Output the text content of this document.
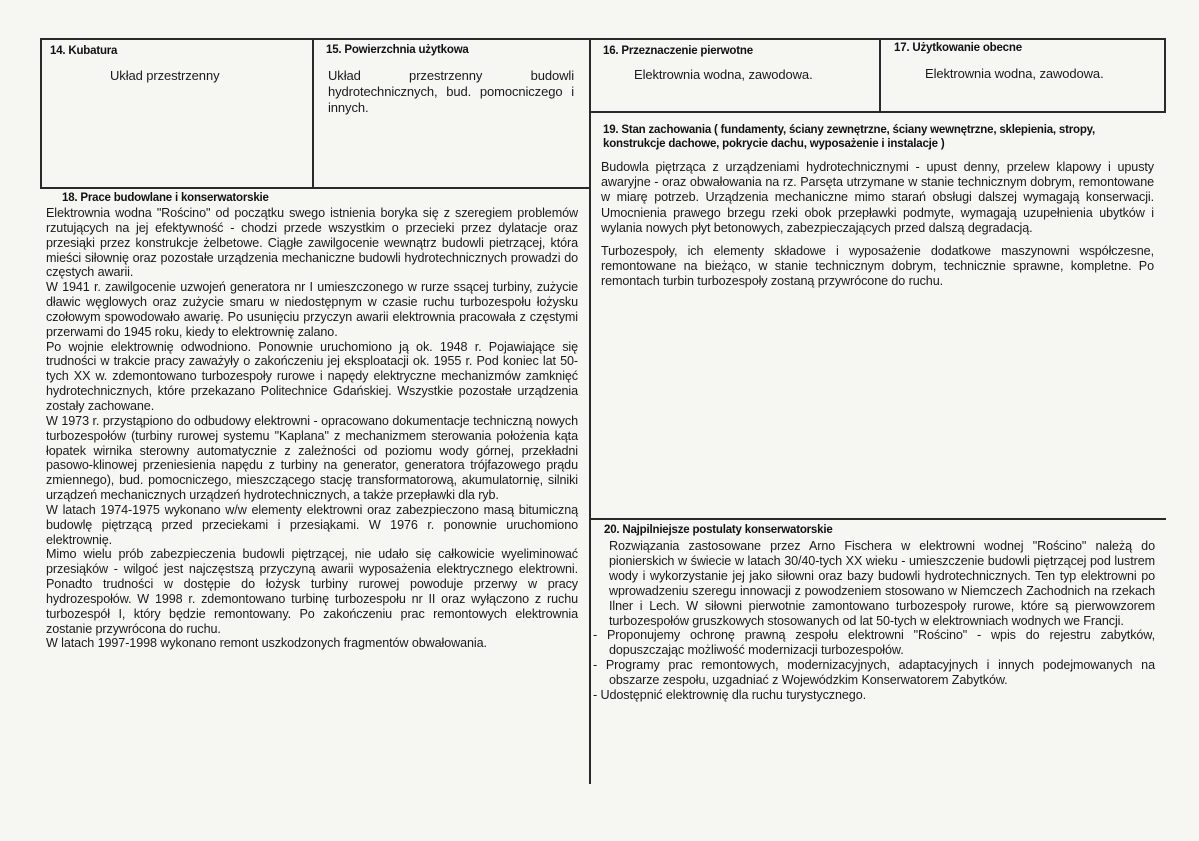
14. Kubatura
Układ przestrzenny
15. Powierzchnia użytkowa
Układ przestrzenny budowli hydrotechnicznych, bud. pomocniczego i innych.
16. Przeznaczenie pierwotne
Elektrownia wodna, zawodowa.
17. Użytkowanie obecne
Elektrownia wodna, zawodowa.
19. Stan zachowania ( fundamenty, ściany zewnętrzne, ściany wewnętrzne, sklepienia, stropy, konstrukcje dachowe, pokrycie dachu, wyposażenie i instalacje )

Budowla piętrząca z urządzeniami hydrotechnicznymi - upust denny, przelew klapowy i upusty awaryjne - oraz obwałowania na rz. Parsęta utrzymane w stanie technicznym dobrym, remontowane w miarę potrzeb. Urządzenia mechaniczne mimo starań obsługi dalszej wymagają konserwacji. Umocnienia prawego brzegu rzeki obok przepławki podmyte, wymagają uzupełnienia ubytków i wylania nowych płyt betonowych, zabezpieczających przed dalszą degradacją.

Turbozespoły, ich elementy składowe i wyposażenie dodatkowe maszynowni współczesne, remontowane na bieżąco, w stanie technicznym dobrym, technicznie sprawne, kompletne. Po remontach turbin turbozespoły zostaną przywrócone do ruchu.

18. Prace budowlane i konserwatorskie

Elektrownia wodna "Rościno" od początku swego istnienia boryka się z szeregiem problemów rzutujących na jej efektywność - chodzi przede wszystkim o przecieki przez dylatacje oraz przesiąki przez konstrukcje żelbetowe. Ciągłe zawilgocenie wewnątrz budowli pietrzącej, która mieści siłownię oraz pozostałe urządzenia mechaniczne budowli hydrotechnicznych prowadzi do częstych awarii.

W 1941 r. zawilgocenie uzwojeń generatora nr I umieszczonego w rurze ssącej turbiny, zużycie dławic węglowych oraz zużycie smaru w niedostępnym w czasie ruchu turbozespołu łożysku czołowym spowodowało awarię. Po usunięciu przyczyn awarii elektrownia pracowała z częstymi przerwami do 1945 roku, kiedy to elektrownię zalano.

Po wojnie elektrownię odwodniono. Ponownie uruchomiono ją ok. 1948 r. Pojawiające się trudności w trakcie pracy zaważyły o zakończeniu jej eksploatacji ok. 1955 r. Pod koniec lat 50-tych XX w. zdemontowano turbozespoły rurowe i napędy elektryczne mechanizmów zamknięć hydrotechnicznych, które przekazano Politechnice Gdańskiej. Wszystkie pozostałe urządzenia zostały zachowane.

W 1973 r. przystąpiono do odbudowy elektrowni - opracowano dokumentacje techniczną nowych turbozespołów (turbiny rurowej systemu "Kaplana" z mechanizmem sterowania położenia kąta łopatek wirnika sterowny automatycznie z zależności od poziomu wody górnej, przekładni pasowo-klinowej przeniesienia napędu z turbiny na generator, generatora trójfazowego prądu zmiennego), bud. pomocniczego, mieszczącego stację transformatorową, akumulatornię, silniki urządzeń mechanicznych urządzeń hydrotechnicznych, a także przepławki dla ryb.

W latach 1974-1975 wykonano w/w elementy elektrowni oraz zabezpieczono masą bitumiczną budowlę piętrzącą przed przeciekami i przesiąkami. W 1976 r. ponownie uruchomiono elektrownię.

Mimo wielu prób zabezpieczenia budowli piętrzącej, nie udało się całkowicie wyeliminować przesiąków - wilgoć jest najczęstszą przyczyną awarii wyposażenia elektrycznego elektrowni. Ponadto trudności w dostępie do łożysk turbiny rurowej powoduje przerwy w pracy hydrozespołów. W 1998 r. zdemontowano turbinę turbozespołu nr II oraz wyłączono z ruchu turbozespół I, który będzie remontowany. Po zakończeniu prac remontowych elektrownia zostanie przywrócona do ruchu.

W latach 1997-1998 wykonano remont uszkodzonych fragmentów obwałowania.

20. Najpilniejsze postulaty konserwatorskie

Rozwiązania zastosowane przez Arno Fischera w elektrowni wodnej "Rościno" należą do pionierskich w świecie w latach 30/40-tych XX wieku - umieszczenie budowli piętrzącej pod lustrem wody i wykorzystanie jej jako siłowni oraz bazy budowli hydrotechnicznych. Ten typ elektrowni po wprowadzeniu szeregu innowacji z powodzeniem stosowano w Niemczech Zachodnich na rzekach Ilner i Lech. W siłowni pierwotnie zamontowano turbozespoły rurowe, które są pierwowzorem turbozespołów gruszkowych stosowanych od lat 50-tych w elektrowniach wodnych we Francji.

- Proponujemy ochronę prawną zespołu elektrowni "Rościno" - wpis do rejestru zabytków, dopuszczając możliwość modernizacji turbozespołów.

- Programy prac remontowych, modernizacyjnych, adaptacyjnych i innych podejmowanych na obszarze zespołu, uzgadniać z Wojewódzkim Konserwatorem Zabytków.

- Udostępnić elektrownię dla ruchu turystycznego.
